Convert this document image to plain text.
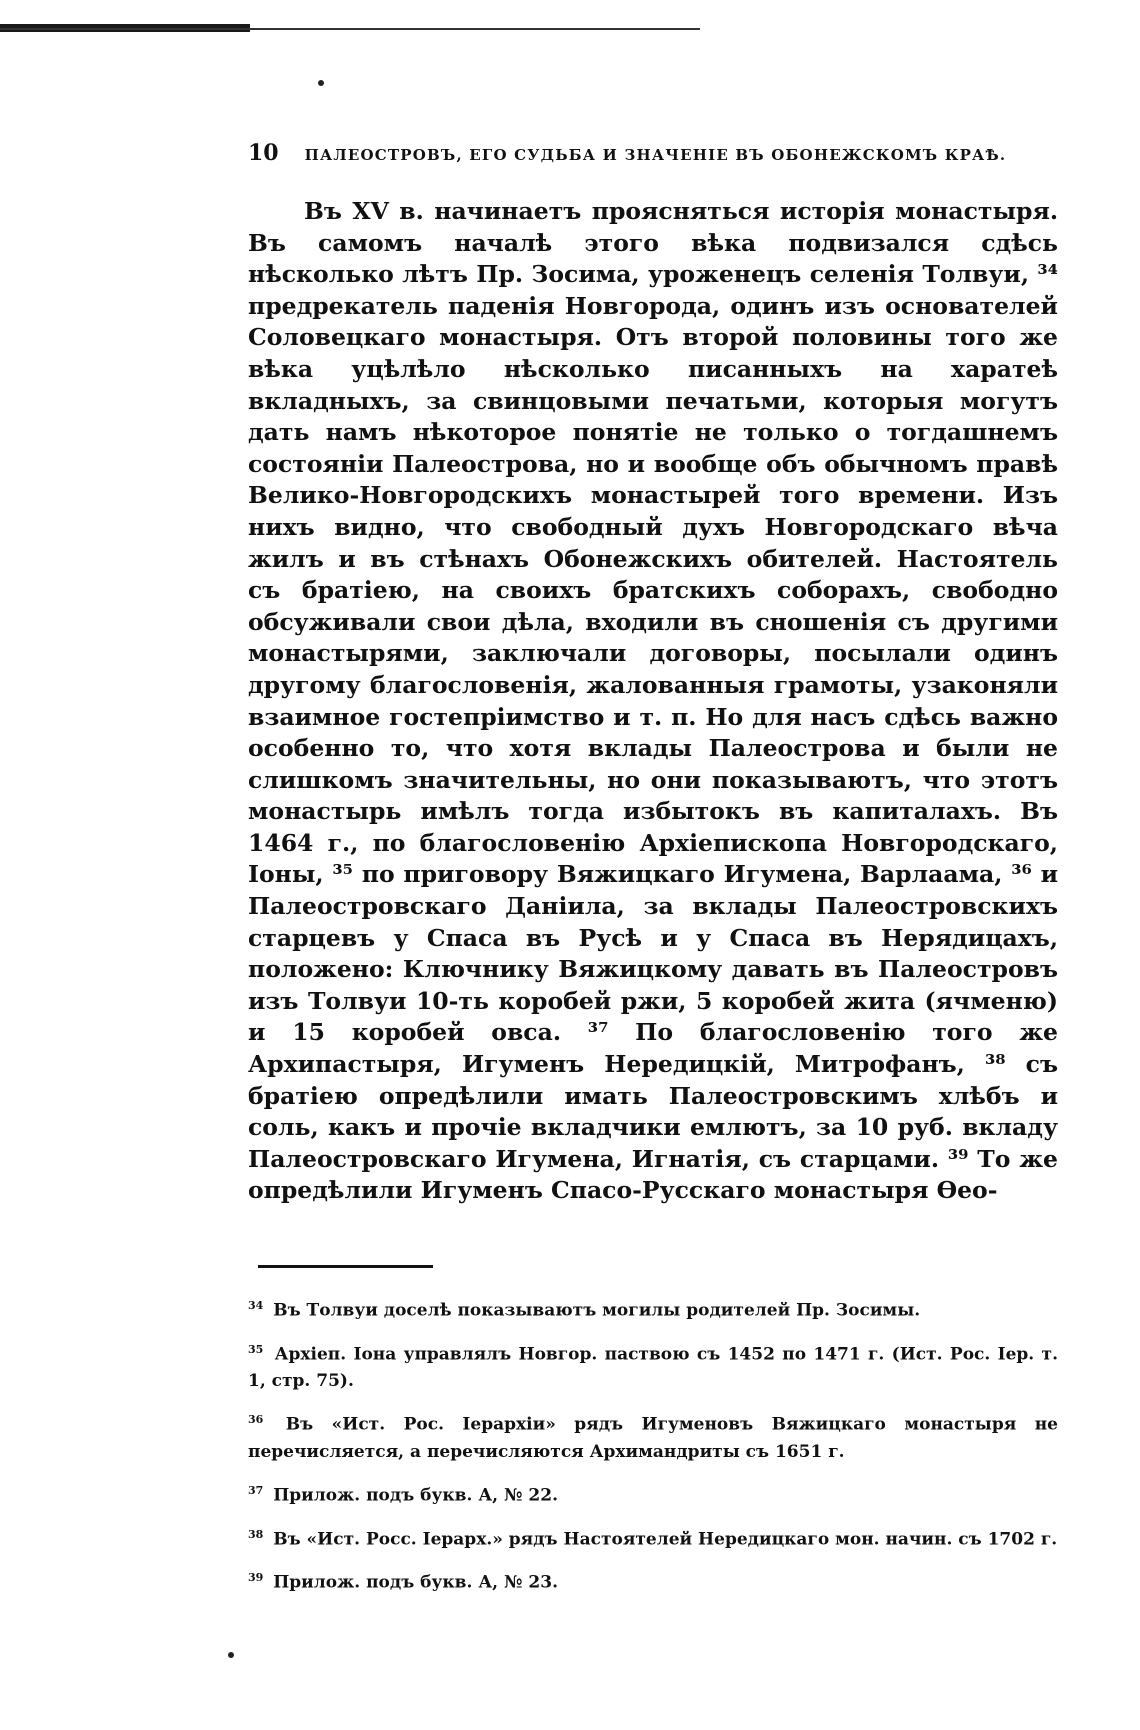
10 ПАЛЕОСТРОВЪ, ЕГО СУДЬБА И ЗНАЧЕНІЕ ВЪ ОБОНЕЖСКОМЪ КРАѢ.

Въ XV в. начинаетъ проясняться исторія монастыря. Въ самомъ началѣ этого вѣка подвизался сдѣсь нѣсколько лѣтъ Пр. Зосима, уроженецъ селенія Толвуи, ³⁴ предрекатель паденія Новгорода, одинъ изъ основателей Соловецкаго монастыря. Отъ второй половины того же вѣка уцѣлѣло нѣсколько писанныхъ на харатеѣ вкладныхъ, за свинцовыми печатьми, которыя могутъ дать намъ нѣкоторое понятіе не только о тогдашнемъ состояніи Палеострова, но и вообще объ обычномъ правѣ Велико-Новгородскихъ монастырей того времени. Изъ нихъ видно, что свободный духъ Новгородскаго вѣча жилъ и въ стѣнахъ Обонежскихъ обителей. Настоятель съ братіею, на своихъ братскихъ соборахъ, свободно обсуживали свои дѣла, входили въ сношенія съ другими монастырями, заключали договоры, посылали одинъ другому благословенія, жалованныя грамоты, узаконяли взаимное гостепріимство и т. п. Но для насъ сдѣсь важно особенно то, что хотя вклады Палеострова и были не слишкомъ значительны, но они показываютъ, что этотъ монастырь имѣлъ тогда избытокъ въ капиталахъ. Въ 1464 г., по благословенію Архіепископа Новгородскаго, Іоны, ³⁵ по приговору Вяжицкаго Игумена, Варлаама, ³⁶ и Палеостровскаго Даніила, за вклады Палеостровскихъ старцевъ у Спаса въ Русѣ и у Спаса въ Нерядицахъ, положено: Ключнику Вяжицкому давать въ Палеостровъ изъ Толвуи 10-ть коробей ржи, 5 коробей жита (ячменю) и 15 коробей овса. ³⁷ По благословенію того же Архипастыря, Игуменъ Нередицкій, Митрофанъ, ³⁸ съ братіею опредѣлили имать Палеостровскимъ хлѣбъ и соль, какъ и прочіе вкладчики емлютъ, за 10 руб. вкладу Палеостровскаго Игумена, Игнатія, съ старцами. ³⁹ То же опредѣлили Игуменъ Спасо-Русскаго монастыря Ѳео-

$^{34}$ Въ Толвуи доселѣ показываютъ могилы родителей Пр. Зосимы.

$^{35}$ Архіеп. Іона управлялъ Новгор. паствою съ 1452 по 1471 г. (Ист. Рос. Іер. т. 1, стр. 75).

$^{36}$ Въ «Ист. Рос. Іерархіи» рядъ Игуменовъ Вяжицкаго монастыря не перечисляется, а перечисляются Архимандриты съ 1651 г.

$^{37}$ Прилож. подъ букв. А, № 22.

$^{38}$ Въ «Ист. Росс. Іерарх.» рядъ Настоятелей Нередицкаго мон. начин. съ 1702 г.

$^{39}$ Прилож. подъ букв. А, № 23.
